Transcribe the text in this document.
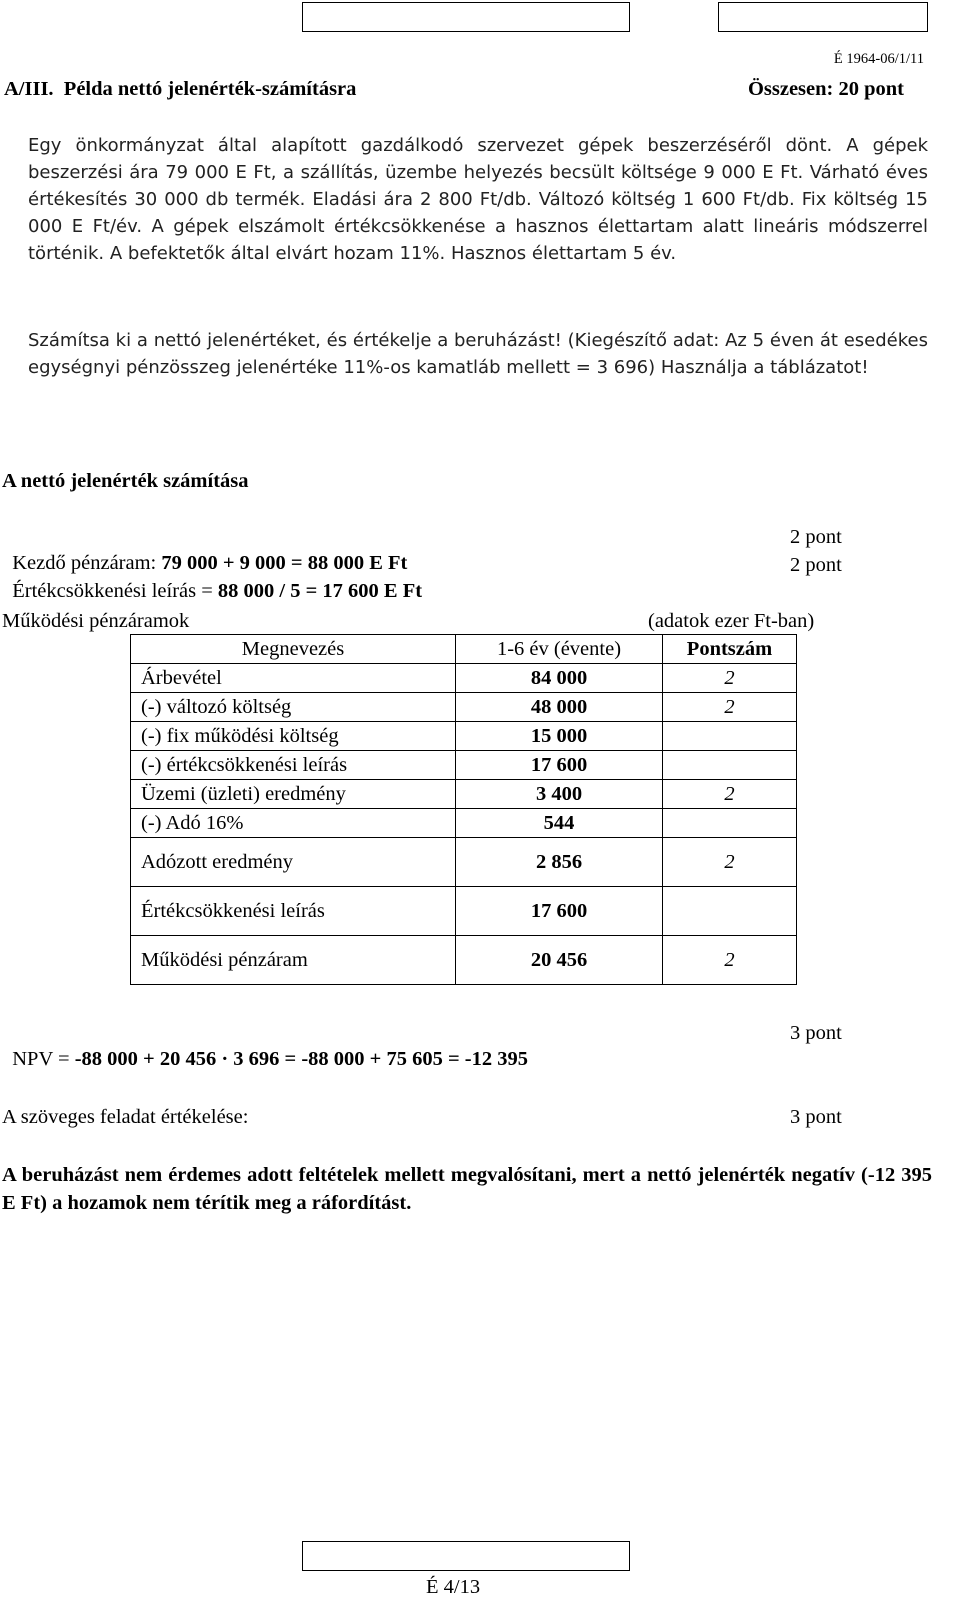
É 1964-06/1/11
A/III.  Példa nettó jelenérték-számításra	Összesen: 20 pont

Egy önkormányzat által alapított gazdálkodó szervezet gépek beszerzéséről dönt. A gépek beszerzési ára 79 000 E Ft, a szállítás, üzembe helyezés becsült költsége 9 000 E Ft. Várható éves értékesítés 30 000 db termék. Eladási ára 2 800 Ft/db. Változó költség 1 600 Ft/db. Fix költség 15 000 E Ft/év. A gépek elszámolt értékcsökkenése a hasznos élettartam alatt lineáris módszerrel történik. A befektetők által elvárt hozam 11%. Hasznos élettartam 5 év.

Számítsa ki a nettó jelenértéket, és értékelje a beruházást! (Kiegészítő adat: Az 5 éven át esedékes egységnyi pénzösszeg jelenértéke 11%-os kamatláb mellett = 3 696) Használja a táblázatot!

A nettó jelenérték számítása

Kezdő pénzáram: 79 000 + 9 000 = 88 000 E Ft

2 pont

Értékcsökkenési leírás = 88 000 / 5 = 17 600 E Ft

2 pont
Működési pénzáramok	(adatok ezer Ft-ban)
Megnevezés	1-6 év (évente)	Pontszám
Árbevétel	84 000	2
(-) változó költség	48 000	2
(-) fix működési költség	15 000	
(-) értékcsökkenési leírás	17 600	
Üzemi (üzleti) eredmény	3 400	2
(-) Adó 16%	544	
Adózott eredmény	2 856	2
Értékcsökkenési leírás	17 600	
Működési pénzáram	20 456	2

NPV = -88 000 + 20 456 · 3 696 = -88 000 + 75 605 = -12 395

3 pont
A szöveges feladat értékelése:	3 pont
A beruházást nem érdemes adott feltételek mellett megvalósítani, mert a nettó jelenérték negatív (-12 395 E Ft) a hozamok nem térítik meg a ráfordítást.
É 4/13
